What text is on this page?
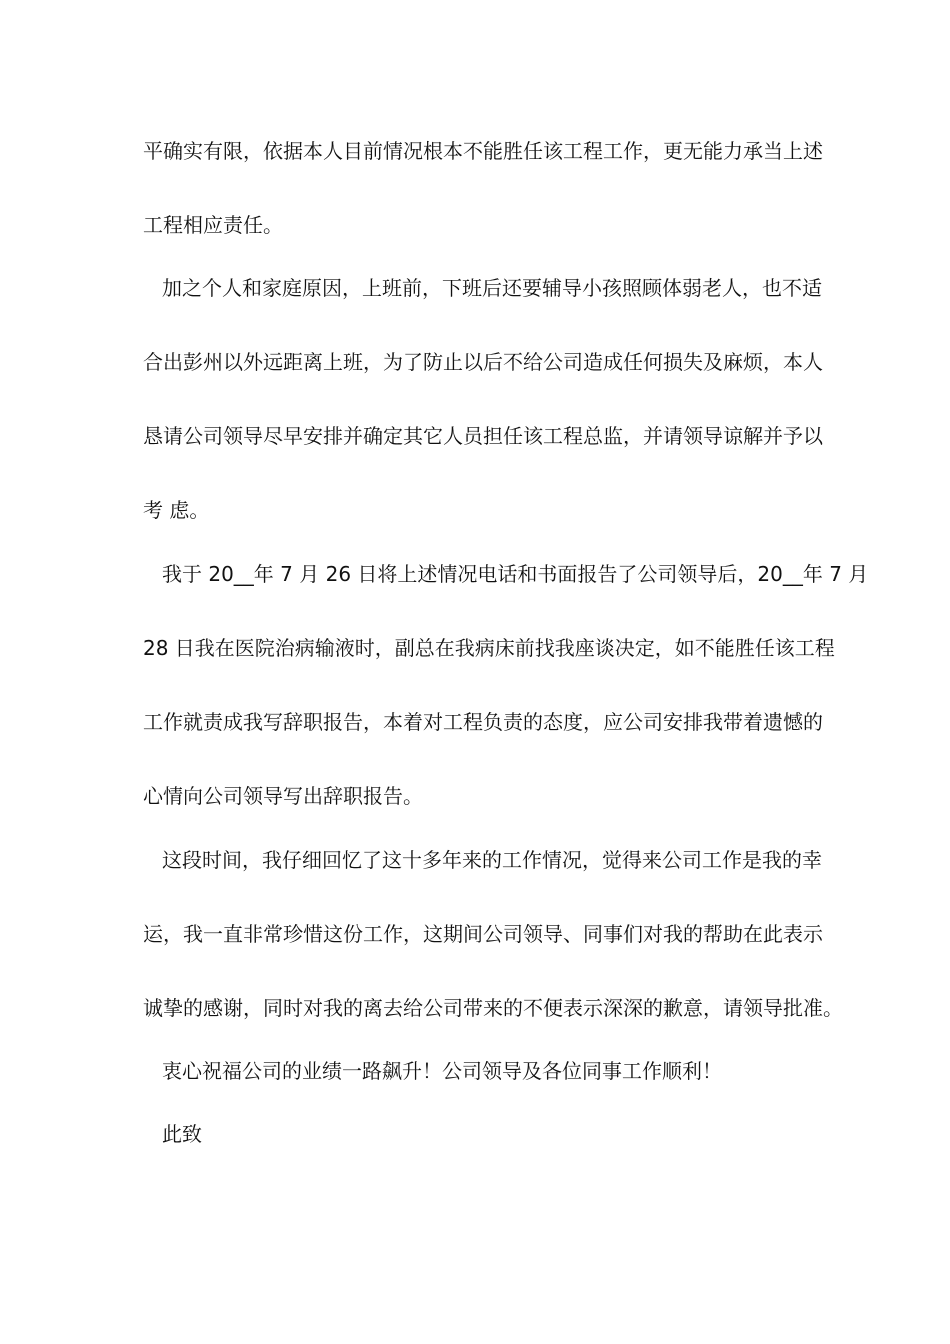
平确实有限，依据本人目前情况根本不能胜任该工程工作，更无能力承当上述
工程相应责任。
加之个人和家庭原因，上班前，下班后还要辅导小孩照顾体弱老人，也不适
合出彭州以外远距离上班，为了防止以后不给公司造成任何损失及麻烦，本人
恳请公司领导尽早安排并确定其它人员担任该工程总监，并请领导谅解并予以
考 虑。
我于 20__年 7 月 26 日将上述情况电话和书面报告了公司领导后，20__年 7 月
28 日我在医院治病输液时，副总在我病床前找我座谈决定，如不能胜任该工程
工作就责成我写辞职报告，本着对工程负责的态度，应公司安排我带着遗憾的
心情向公司领导写出辞职报告。
这段时间，我仔细回忆了这十多年来的工作情况，觉得来公司工作是我的幸
运，我一直非常珍惜这份工作，这期间公司领导、同事们对我的帮助在此表示
诚挚的感谢，同时对我的离去给公司带来的不便表示深深的歉意，请领导批准。
衷心祝福公司的业绩一路飙升！公司领导及各位同事工作顺利！
此致
